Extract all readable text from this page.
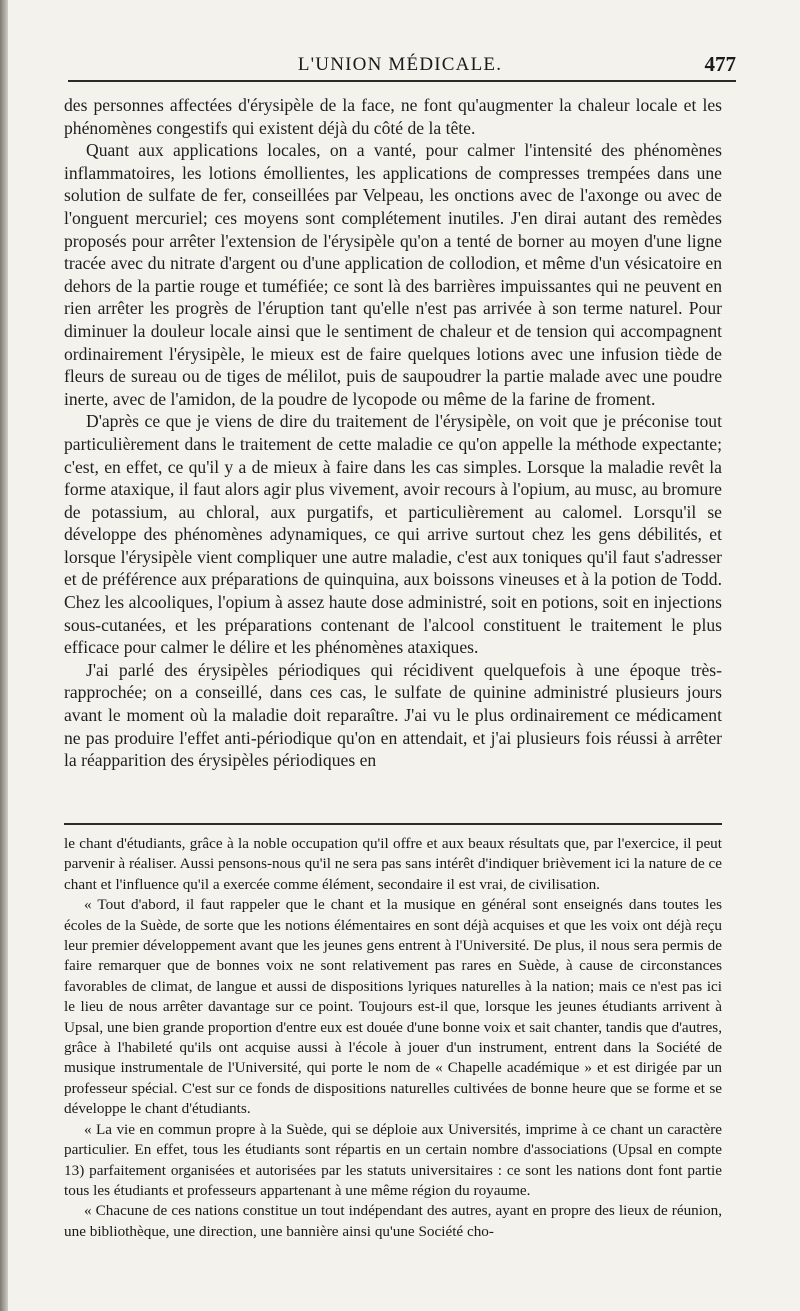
L'UNION MÉDICALE.	477

des personnes affectées d'érysipèle de la face, ne font qu'augmenter la chaleur locale et les phénomènes congestifs qui existent déjà du côté de la tête.

Quant aux applications locales, on a vanté, pour calmer l'intensité des phénomènes inflammatoires, les lotions émollientes, les applications de compresses trempées dans une solution de sulfate de fer, conseillées par Velpeau, les onctions avec de l'axonge ou avec de l'onguent mercuriel; ces moyens sont complétement inutiles. J'en dirai autant des remèdes proposés pour arrêter l'extension de l'érysipèle qu'on a tenté de borner au moyen d'une ligne tracée avec du nitrate d'argent ou d'une application de collodion, et même d'un vésicatoire en dehors de la partie rouge et tuméfiée; ce sont là des barrières impuissantes qui ne peuvent en rien arrêter les progrès de l'éruption tant qu'elle n'est pas arrivée à son terme naturel. Pour diminuer la douleur locale ainsi que le sentiment de chaleur et de tension qui accompagnent ordinairement l'érysipèle, le mieux est de faire quelques lotions avec une infusion tiède de fleurs de sureau ou de tiges de mélilot, puis de saupoudrer la partie malade avec une poudre inerte, avec de l'amidon, de la poudre de lycopode ou même de la farine de froment.

D'après ce que je viens de dire du traitement de l'érysipèle, on voit que je préconise tout particulièrement dans le traitement de cette maladie ce qu'on appelle la méthode expectante; c'est, en effet, ce qu'il y a de mieux à faire dans les cas simples. Lorsque la maladie revêt la forme ataxique, il faut alors agir plus vivement, avoir recours à l'opium, au musc, au bromure de potassium, au chloral, aux purgatifs, et particulièrement au calomel. Lorsqu'il se développe des phénomènes adynamiques, ce qui arrive surtout chez les gens débilités, et lorsque l'érysipèle vient compliquer une autre maladie, c'est aux toniques qu'il faut s'adresser et de préférence aux préparations de quinquina, aux boissons vineuses et à la potion de Todd. Chez les alcooliques, l'opium à assez haute dose administré, soit en potions, soit en injections sous-cutanées, et les préparations contenant de l'alcool constituent le traitement le plus efficace pour calmer le délire et les phénomènes ataxiques.

J'ai parlé des érysipèles périodiques qui récidivent quelquefois à une époque très-rapprochée; on a conseillé, dans ces cas, le sulfate de quinine administré plusieurs jours avant le moment où la maladie doit reparaître. J'ai vu le plus ordinairement ce médicament ne pas produire l'effet anti-périodique qu'on en attendait, et j'ai plusieurs fois réussi à arrêter la réapparition des érysipèles périodiques en

le chant d'étudiants, grâce à la noble occupation qu'il offre et aux beaux résultats que, par l'exercice, il peut parvenir à réaliser. Aussi pensons-nous qu'il ne sera pas sans intérêt d'indiquer brièvement ici la nature de ce chant et l'influence qu'il a exercée comme élément, secondaire il est vrai, de civilisation.

« Tout d'abord, il faut rappeler que le chant et la musique en général sont enseignés dans toutes les écoles de la Suède, de sorte que les notions élémentaires en sont déjà acquises et que les voix ont déjà reçu leur premier développement avant que les jeunes gens entrent à l'Université. De plus, il nous sera permis de faire remarquer que de bonnes voix ne sont relativement pas rares en Suède, à cause de circonstances favorables de climat, de langue et aussi de dispositions lyriques naturelles à la nation; mais ce n'est pas ici le lieu de nous arrêter davantage sur ce point. Toujours est-il que, lorsque les jeunes étudiants arrivent à Upsal, une bien grande proportion d'entre eux est douée d'une bonne voix et sait chanter, tandis que d'autres, grâce à l'habileté qu'ils ont acquise aussi à l'école à jouer d'un instrument, entrent dans la Société de musique instrumentale de l'Université, qui porte le nom de « Chapelle académique » et est dirigée par un professeur spécial. C'est sur ce fonds de dispositions naturelles cultivées de bonne heure que se forme et se développe le chant d'étudiants.

« La vie en commun propre à la Suède, qui se déploie aux Universités, imprime à ce chant un caractère particulier. En effet, tous les étudiants sont répartis en un certain nombre d'associations (Upsal en compte 13) parfaitement organisées et autorisées par les statuts universitaires : ce sont les nations dont font partie tous les étudiants et professeurs appartenant à une même région du royaume.

« Chacune de ces nations constitue un tout indépendant des autres, ayant en propre des lieux de réunion, une bibliothèque, une direction, une bannière ainsi qu'une Société cho-
